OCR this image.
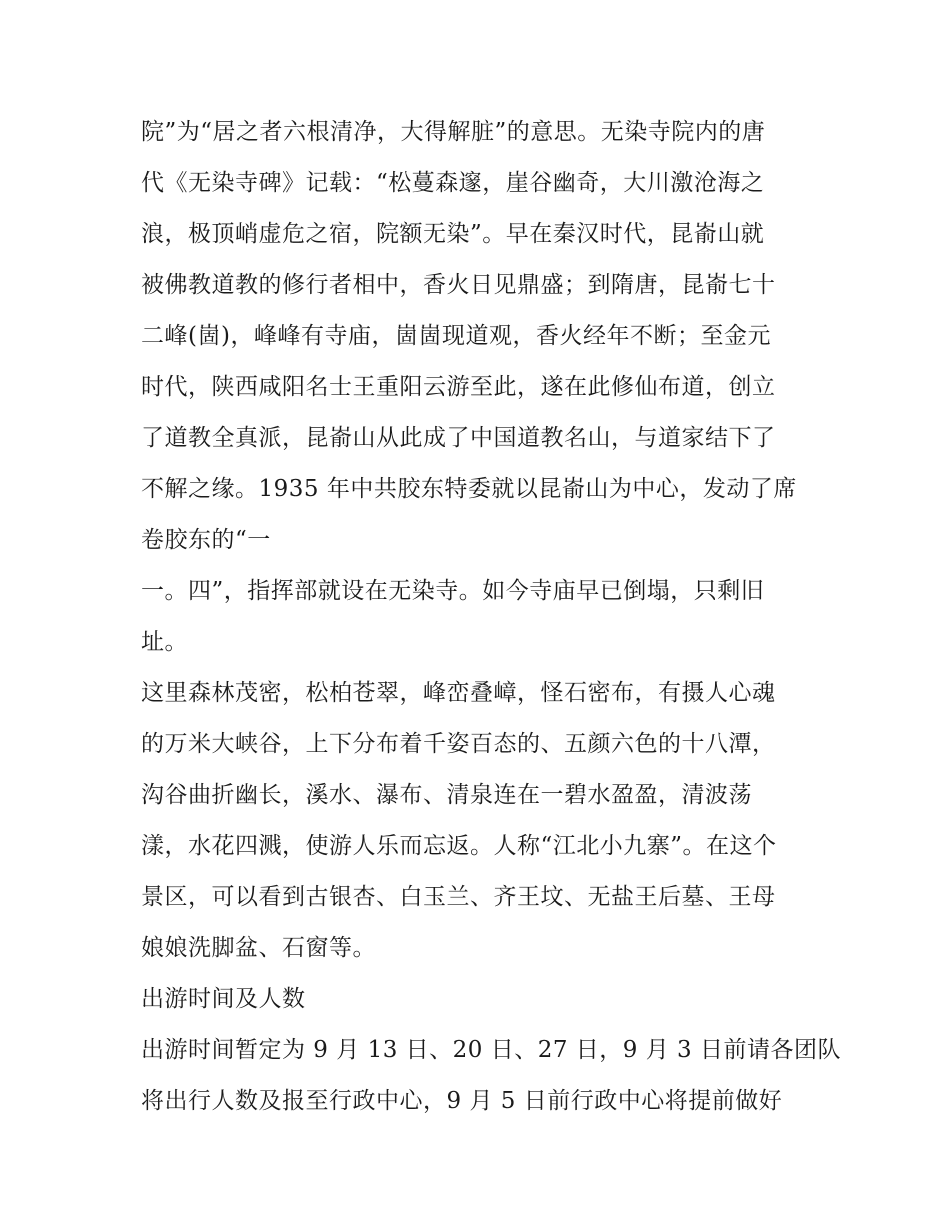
院”为“居之者六根清净，大得解脏”的意思。无染寺院内的唐
代《无染寺碑》记载：“松蔓森邃，崖谷幽奇，大川激沧海之
浪，极顶峭虚危之宿，院额无染”。早在秦汉时代，昆嵛山就
被佛教道教的修行者相中，香火日见鼎盛；到隋唐，昆嵛七十
二峰(崮)，峰峰有寺庙，崮崮现道观，香火经年不断；至金元
时代，陕西咸阳名士王重阳云游至此，遂在此修仙布道，创立
了道教全真派，昆嵛山从此成了中国道教名山，与道家结下了
不解之缘。1935 年中共胶东特委就以昆嵛山为中心，发动了席
卷胶东的“一
一。四”，指挥部就设在无染寺。如今寺庙早已倒塌，只剩旧
址。
这里森林茂密，松柏苍翠，峰峦叠嶂，怪石密布，有摄人心魂
的万米大峡谷，上下分布着千姿百态的、五颜六色的十八潭，
沟谷曲折幽长，溪水、瀑布、清泉连在一碧水盈盈，清波荡
漾，水花四溅，使游人乐而忘返。人称“江北小九寨”。在这个
景区，可以看到古银杏、白玉兰、齐王坟、无盐王后墓、王母
娘娘洗脚盆、石窗等。
出游时间及人数
出游时间暂定为 9 月 13 日、20 日、27 日，9 月 3 日前请各团队
将出行人数及报至行政中心，9 月 5 日前行政中心将提前做好
